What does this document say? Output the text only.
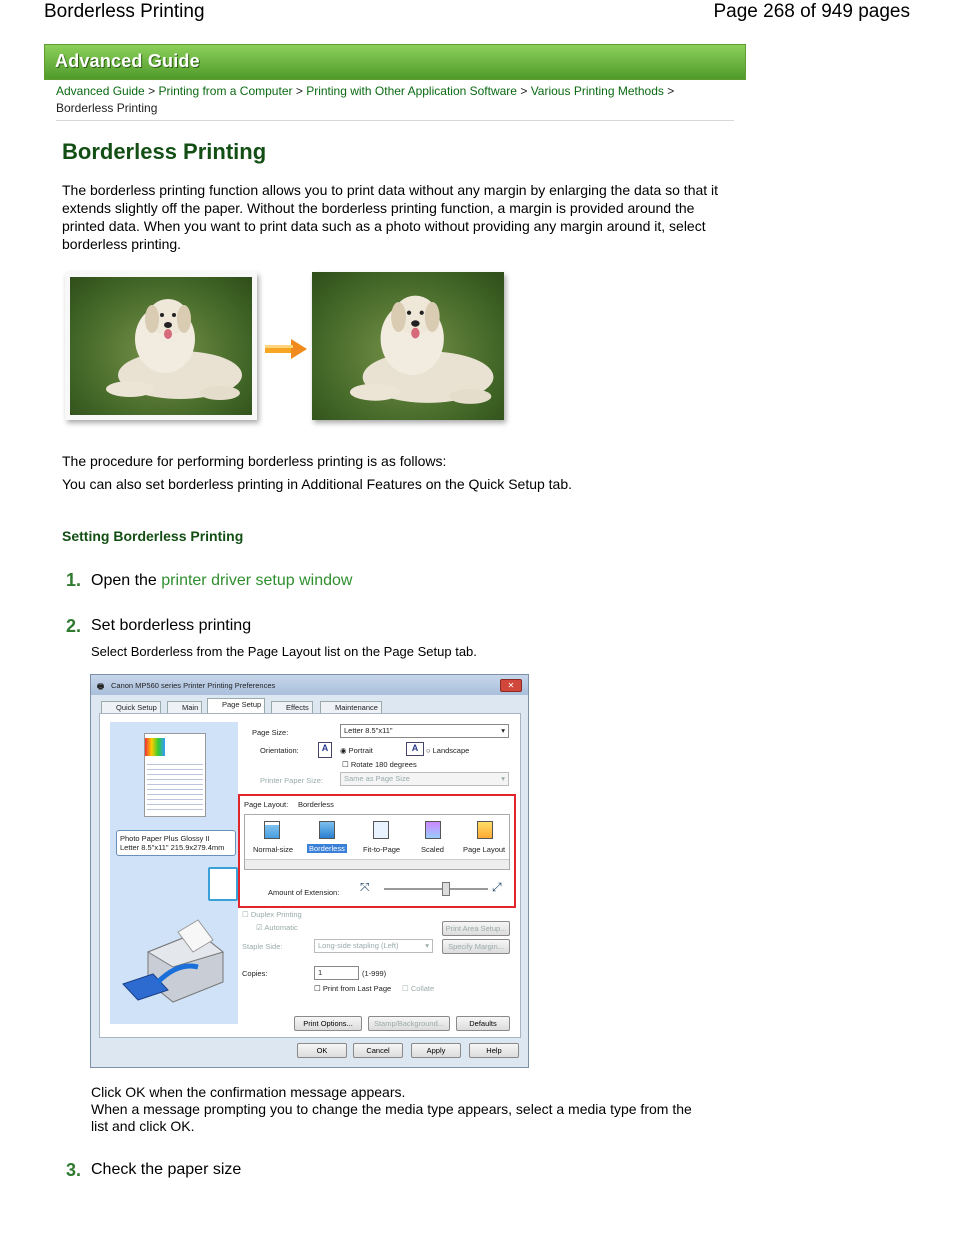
Borderless Printing	Page 268 of 949 pages
Advanced Guide
Advanced Guide > Printing from a Computer > Printing with Other Application Software > Various Printing Methods >
Borderless Printing
Borderless Printing
The borderless printing function allows you to print data without any margin by enlarging the data so that it extends slightly off the paper. Without the borderless printing function, a margin is provided around the printed data. When you want to print data such as a photo without providing any margin around it, select borderless printing.
The procedure for performing borderless printing is as follows:
You can also set borderless printing in Additional Features on the Quick Setup tab.
Setting Borderless Printing
1. Open the printer driver setup window
2. Set borderless printing
Select Borderless from the Page Layout list on the Page Setup tab.
🖶 Canon MP560 series Printer Printing Preferences	✕
Quick Setup	Main	Page Setup	Effects	Maintenance
Photo Paper Plus Glossy II
Letter 8.5"x11" 215.9x279.4mm
Page Size:	Letter 8.5"x11"	▾
Orientation:	A	◉ Portrait	A	○ Landscape
☐ Rotate 180 degrees
Printer Paper Size:	Same as Page Size	▾
Page Layout: Borderless
Normal-size Borderless Fit-to-Page	Scaled	Page Layout
Amount of Extension: ⤧	⤢
☐ Duplex Printing
☑ Automatic	Print Area Setup...
Staple Side:	Long-side stapling (Left)	▾	Specify Margin...
Copies:	1	(1-999)
☐ Print from Last Page ☐ Collate
Print Options...	Stamp/Background...	Defaults
OK	Cancel	Apply	Help
Click OK when the confirmation message appears.
When a message prompting you to change the media type appears, select a media type from the list and click OK.
3. Check the paper size
